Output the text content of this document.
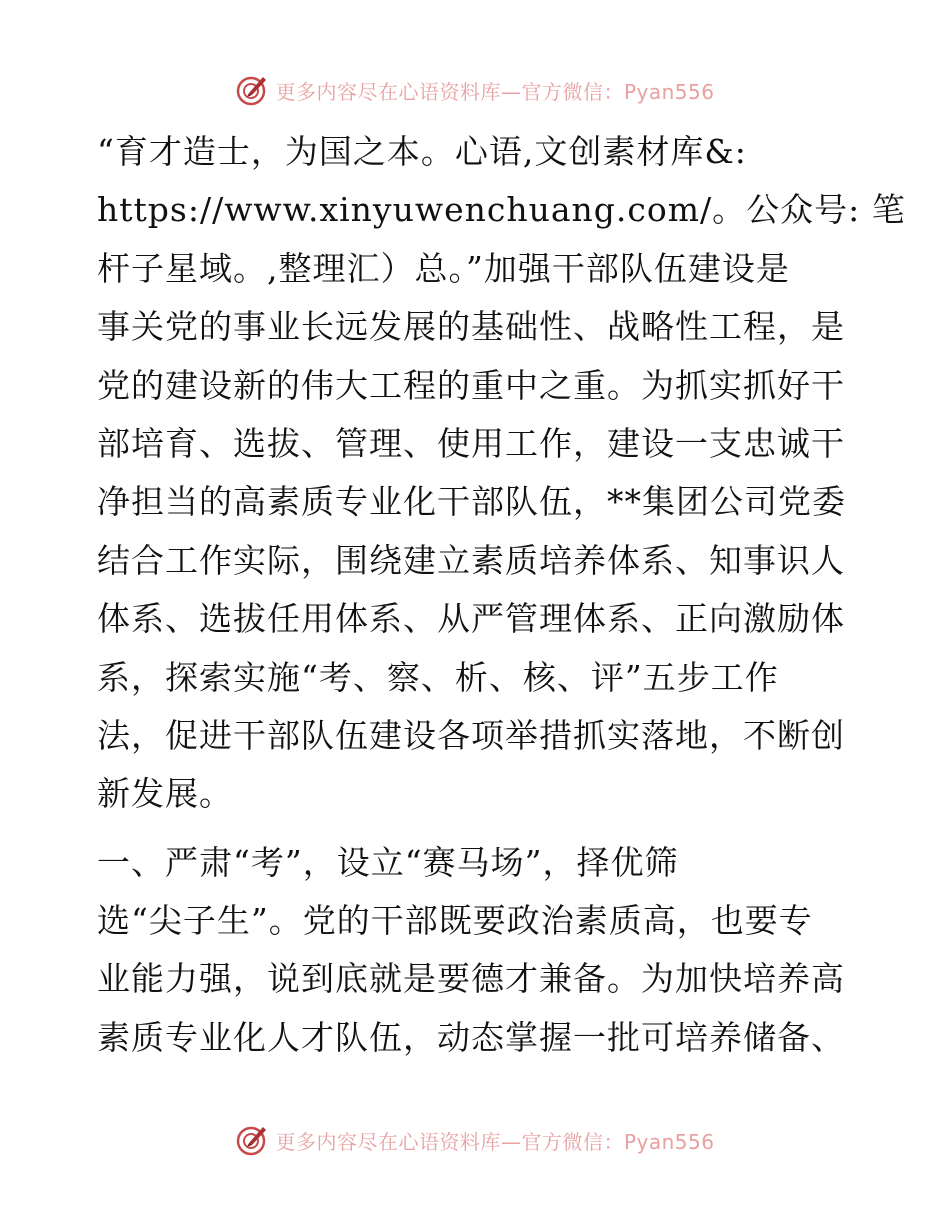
更多内容尽在心语资料库—官方微信：Pyan556
“育才造士，为国之本。心语,文创素材库&:
https://www.xinyuwenchuang.com/。公众号: 笔
杆子星域。,整理汇）总。”加强干部队伍建设是
事关党的事业长远发展的基础性、战略性工程，是
党的建设新的伟大工程的重中之重。为抓实抓好干
部培育、选拔、管理、使用工作，建设一支忠诚干
净担当的高素质专业化干部队伍，**集团公司党委
结合工作实际，围绕建立素质培养体系、知事识人
体系、选拔任用体系、从严管理体系、正向激励体
系，探索实施“考、察、析、核、评”五步工作
法，促进干部队伍建设各项举措抓实落地，不断创
新发展。
一、严肃“考”，设立“赛马场”，择优筛
选“尖子生”。党的干部既要政治素质高，也要专
业能力强，说到底就是要德才兼备。为加快培养高
素质专业化人才队伍，动态掌握一批可培养储备、
更多内容尽在心语资料库—官方微信：Pyan556
